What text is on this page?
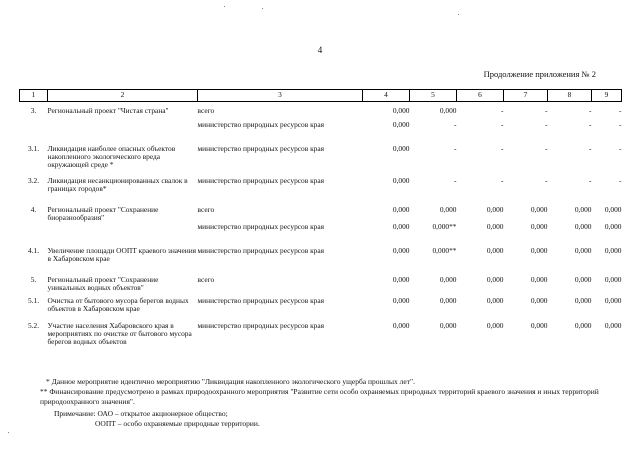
4
Продолжение приложения № 2
1	2	3	4	5	6	7	8	9
3.	Региональный проект "Чистая страна"	всего	0,000	0,000	-	-	-	-
		министерство природных ресурсов края	0,000	-	-	-	-	-
3.1.	Ликвидация наиболее опасных объектов накопленного экологического вреда окружающей среде *	министерство природных ресурсов края	0,000	-	-	-	-	-
3.2.	Ликвидация несанкционированных свалок в границах городов*	министерство природных ресурсов края	0,000	-	-	-	-	-
4.	Региональный проект "Сохранение биоразнообразия"	всего	0,000	0,000	0,000	0,000	0,000	0,000
		министерство природных ресурсов края	0,000	0,000**	0,000	0,000	0,000	0,000
4.1.	Увеличение площади ООПТ краевого значения в Хабаровском крае	министерство природных ресурсов края	0,000	0,000**	0,000	0,000	0,000	0,000
5.	Региональный проект "Сохранение уникальных водных объектов"	всего	0,000	0,000	0,000	0,000	0,000	0,000
5.1.	Очистка от бытового мусора берегов водных объектов в Хабаровском крае	министерство природных ресурсов края	0,000	0,000	0,000	0,000	0,000	0,000
5.2.	Участие населения Хабаровского края в мероприятиях по очистке от бытового мусора берегов водных объектов	министерство природных ресурсов края	0,000	0,000	0,000	0,000	0,000	0,000

* Данное мероприятие идентично мероприятию "Ликвидация накопленного экологического ущерба прошлых лет".

** Финансирование предусмотрено в рамках природоохранного мероприятия "Развитие сети особо охраняемых природных территорий краевого значения и иных территорий природоохранного значения".

Примечание: ОАО – открытое акционерное общество;

ООПТ – особо охраняемые природные территории.
